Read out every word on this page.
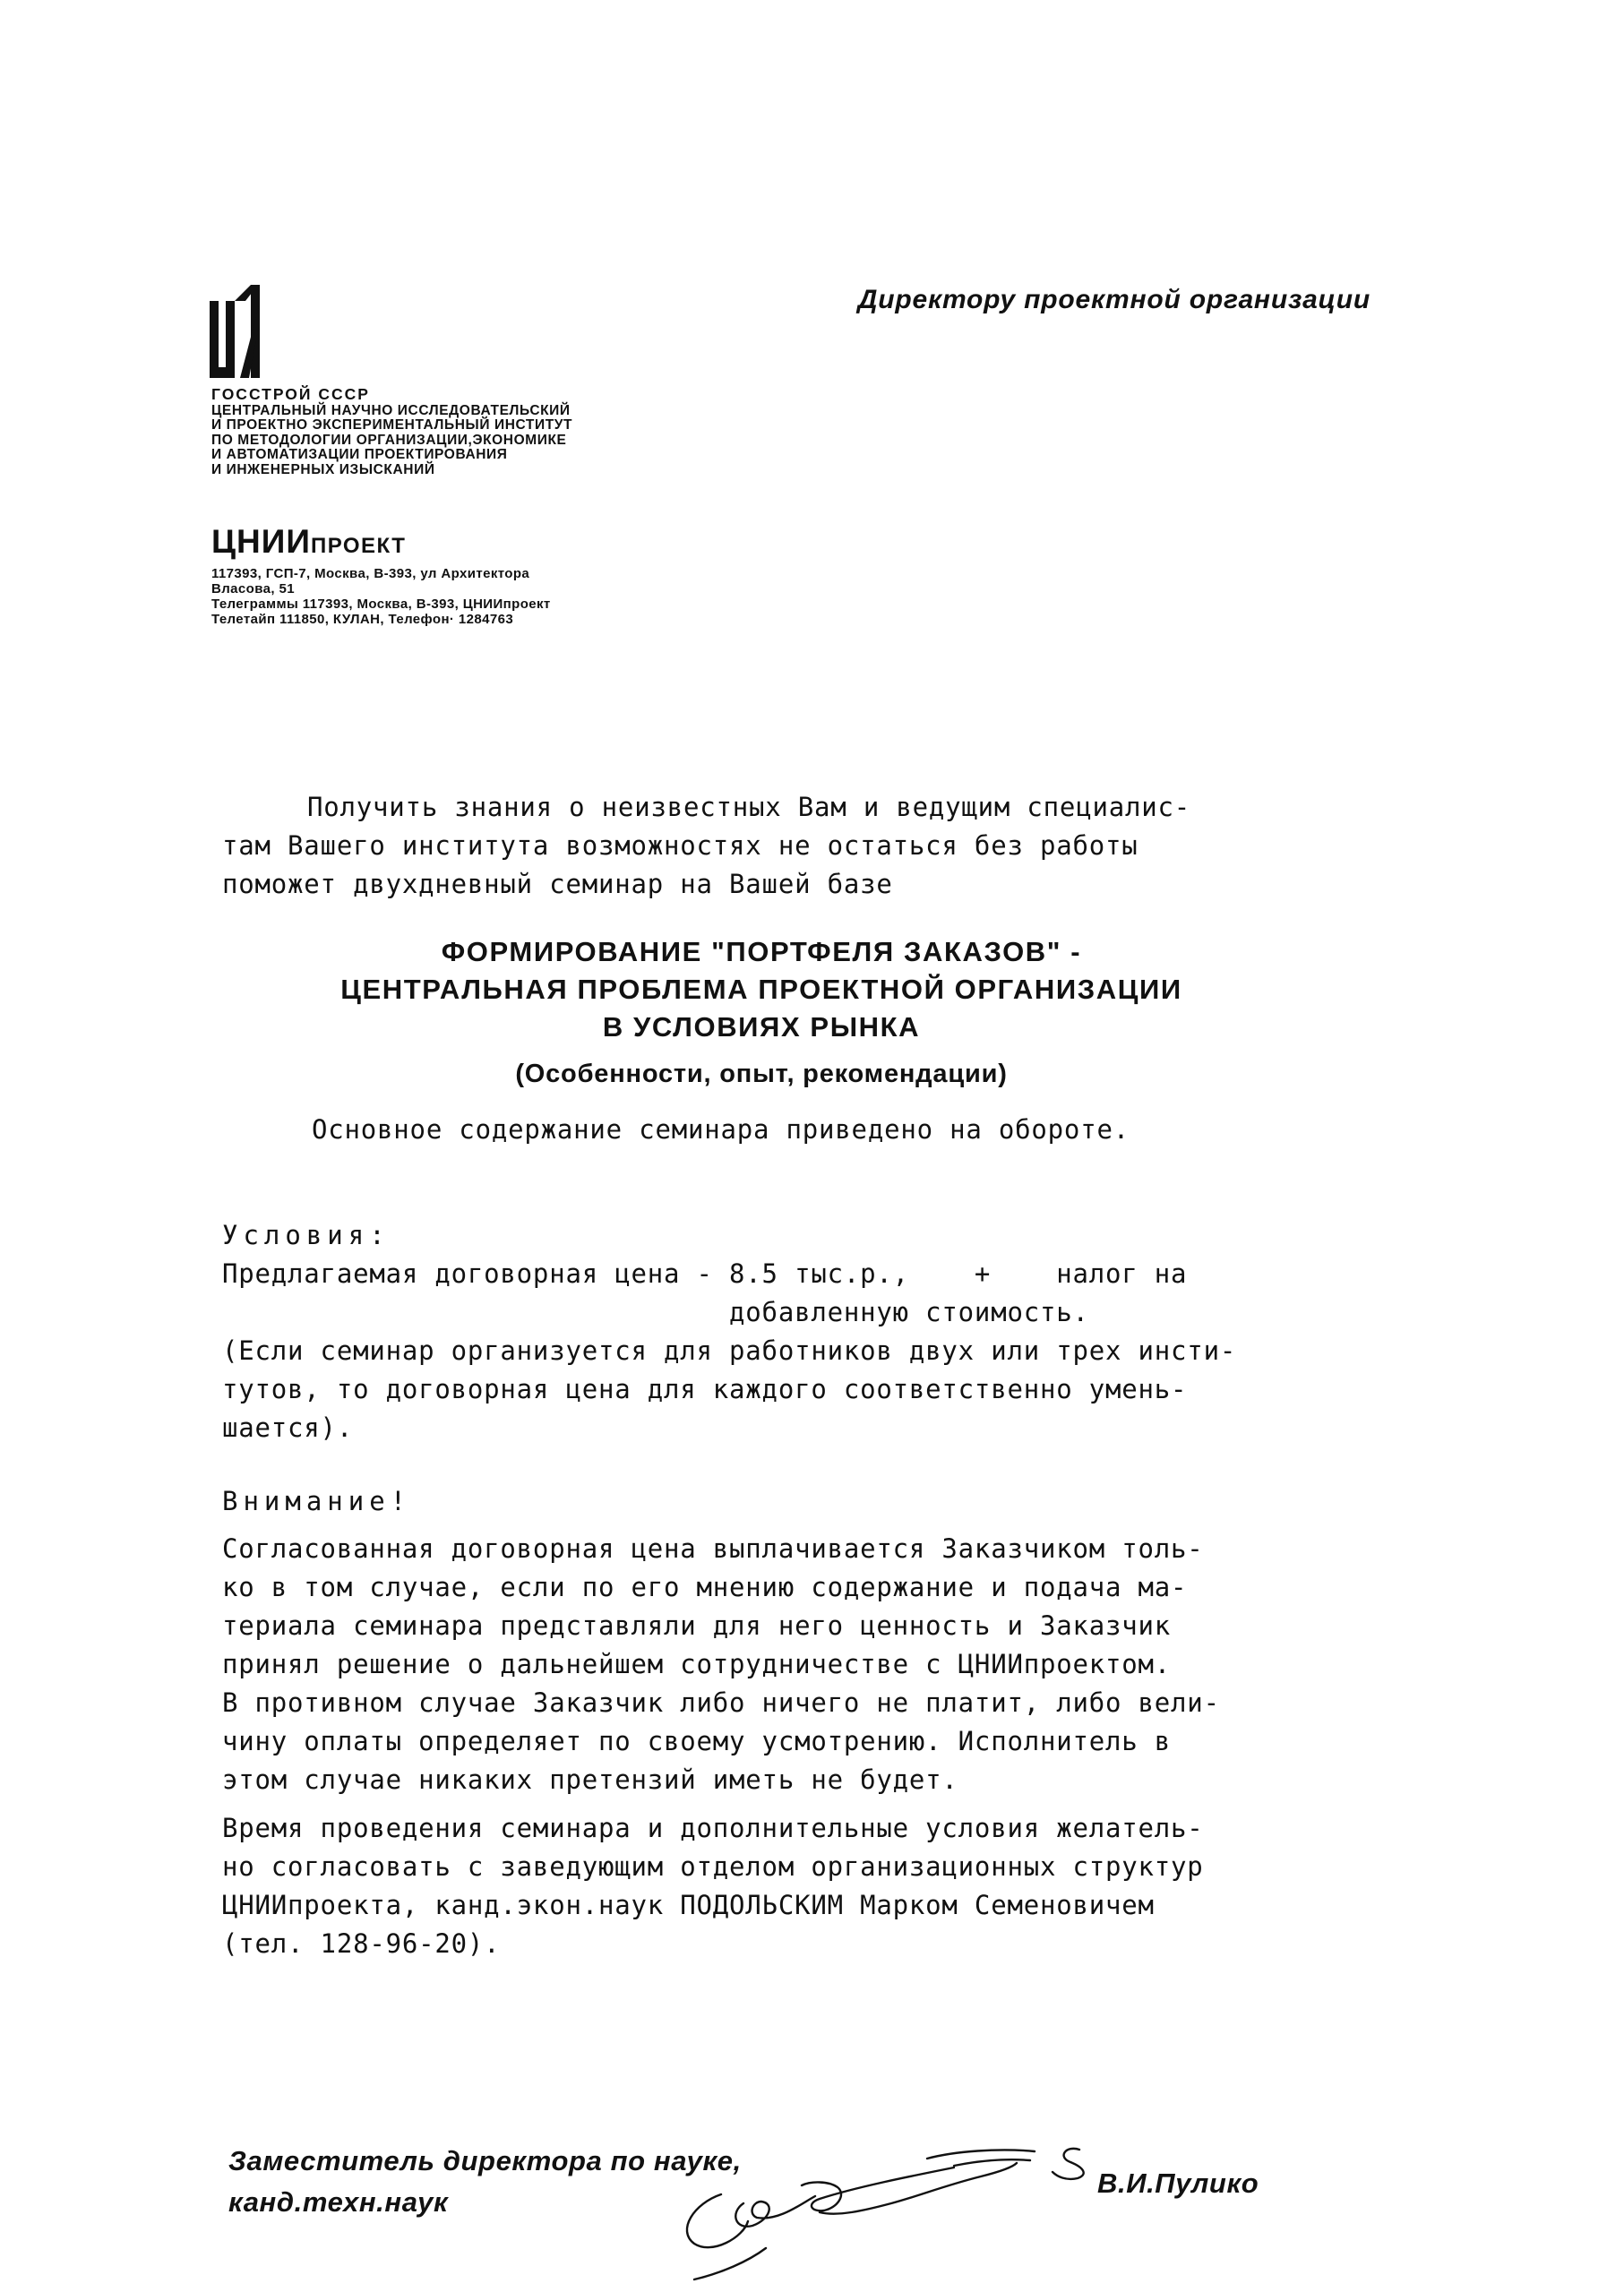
ГОССТРОЙ СССР
ЦЕНТРАЛЬНЫЙ НАУЧНО ИССЛЕДОВАТЕЛЬСКИЙ
И ПРОЕКТНО ЭКСПЕРИМЕНТАЛЬНЫЙ ИНСТИТУТ
ПО МЕТОДОЛОГИИ ОРГАНИЗАЦИИ,ЭКОНОМИКЕ
И АВТОМАТИЗАЦИИ ПРОЕКТИРОВАНИЯ
И ИНЖЕНЕРНЫХ ИЗЫСКАНИЙ
ЦНИИПРОЕКТ
117393, ГСП-7, Москва, В-393, ул Архитектора
Власова, 51
Телеграммы 117393, Москва, В-393, ЦНИИпроект
Телетайп 111850, КУЛАН, Телефон· 1284763
Директору проектной организации
Получить знания о неизвестных Вам и ведущим специалис-
там Вашего института возможностях не остаться без работы
поможет двухдневный семинар на Вашей базе
ФОРМИРОВАНИЕ "ПОРТФЕЛЯ ЗАКАЗОВ" -
ЦЕНТРАЛЬНАЯ ПРОБЛЕМА ПРОЕКТНОЙ ОРГАНИЗАЦИИ
В УСЛОВИЯХ РЫНКА
(Особенности, опыт, рекомендации)
Основное содержание семинара приведено на обороте.
Условия:
Предлагаемая договорная цена - 8.5 тыс.р.,    +    налог на
добавленную стоимость.
(Если семинар организуется для работников двух или трех инсти-
тутов, то договорная цена для каждого соответственно умень-
шается).
Внимание!
Согласованная договорная цена выплачивается Заказчиком толь-
ко в том случае, если по его мнению содержание и подача ма-
териала семинара представляли для него ценность и Заказчик
принял решение о дальнейшем сотрудничестве с ЦНИИпроектом.
В противном случае Заказчик либо ничего не платит, либо вели-
чину оплаты определяет по своему усмотрению. Исполнитель в
этом случае никаких претензий иметь не будет.
Время проведения семинара и дополнительные условия желатель-
но согласовать с заведующим отделом организационных структур
ЦНИИпроекта, канд.экон.наук ПОДОЛЬСКИМ Марком Семеновичем
(тел. 128-96-20).
Заместитель директора по науке,
канд.техн.наук
В.И.Пулико
